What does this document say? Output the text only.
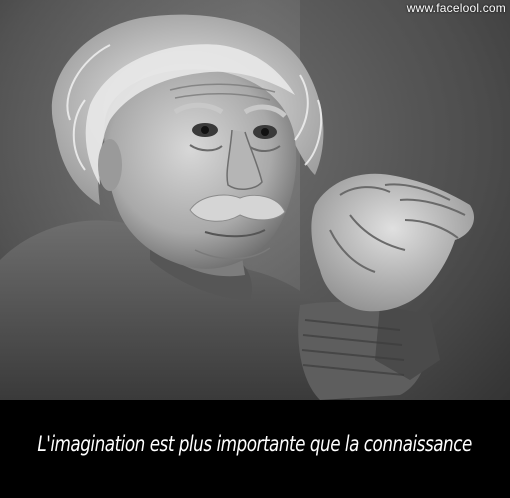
www.facelool.com
L'imagination est plus importante que la connaissance
